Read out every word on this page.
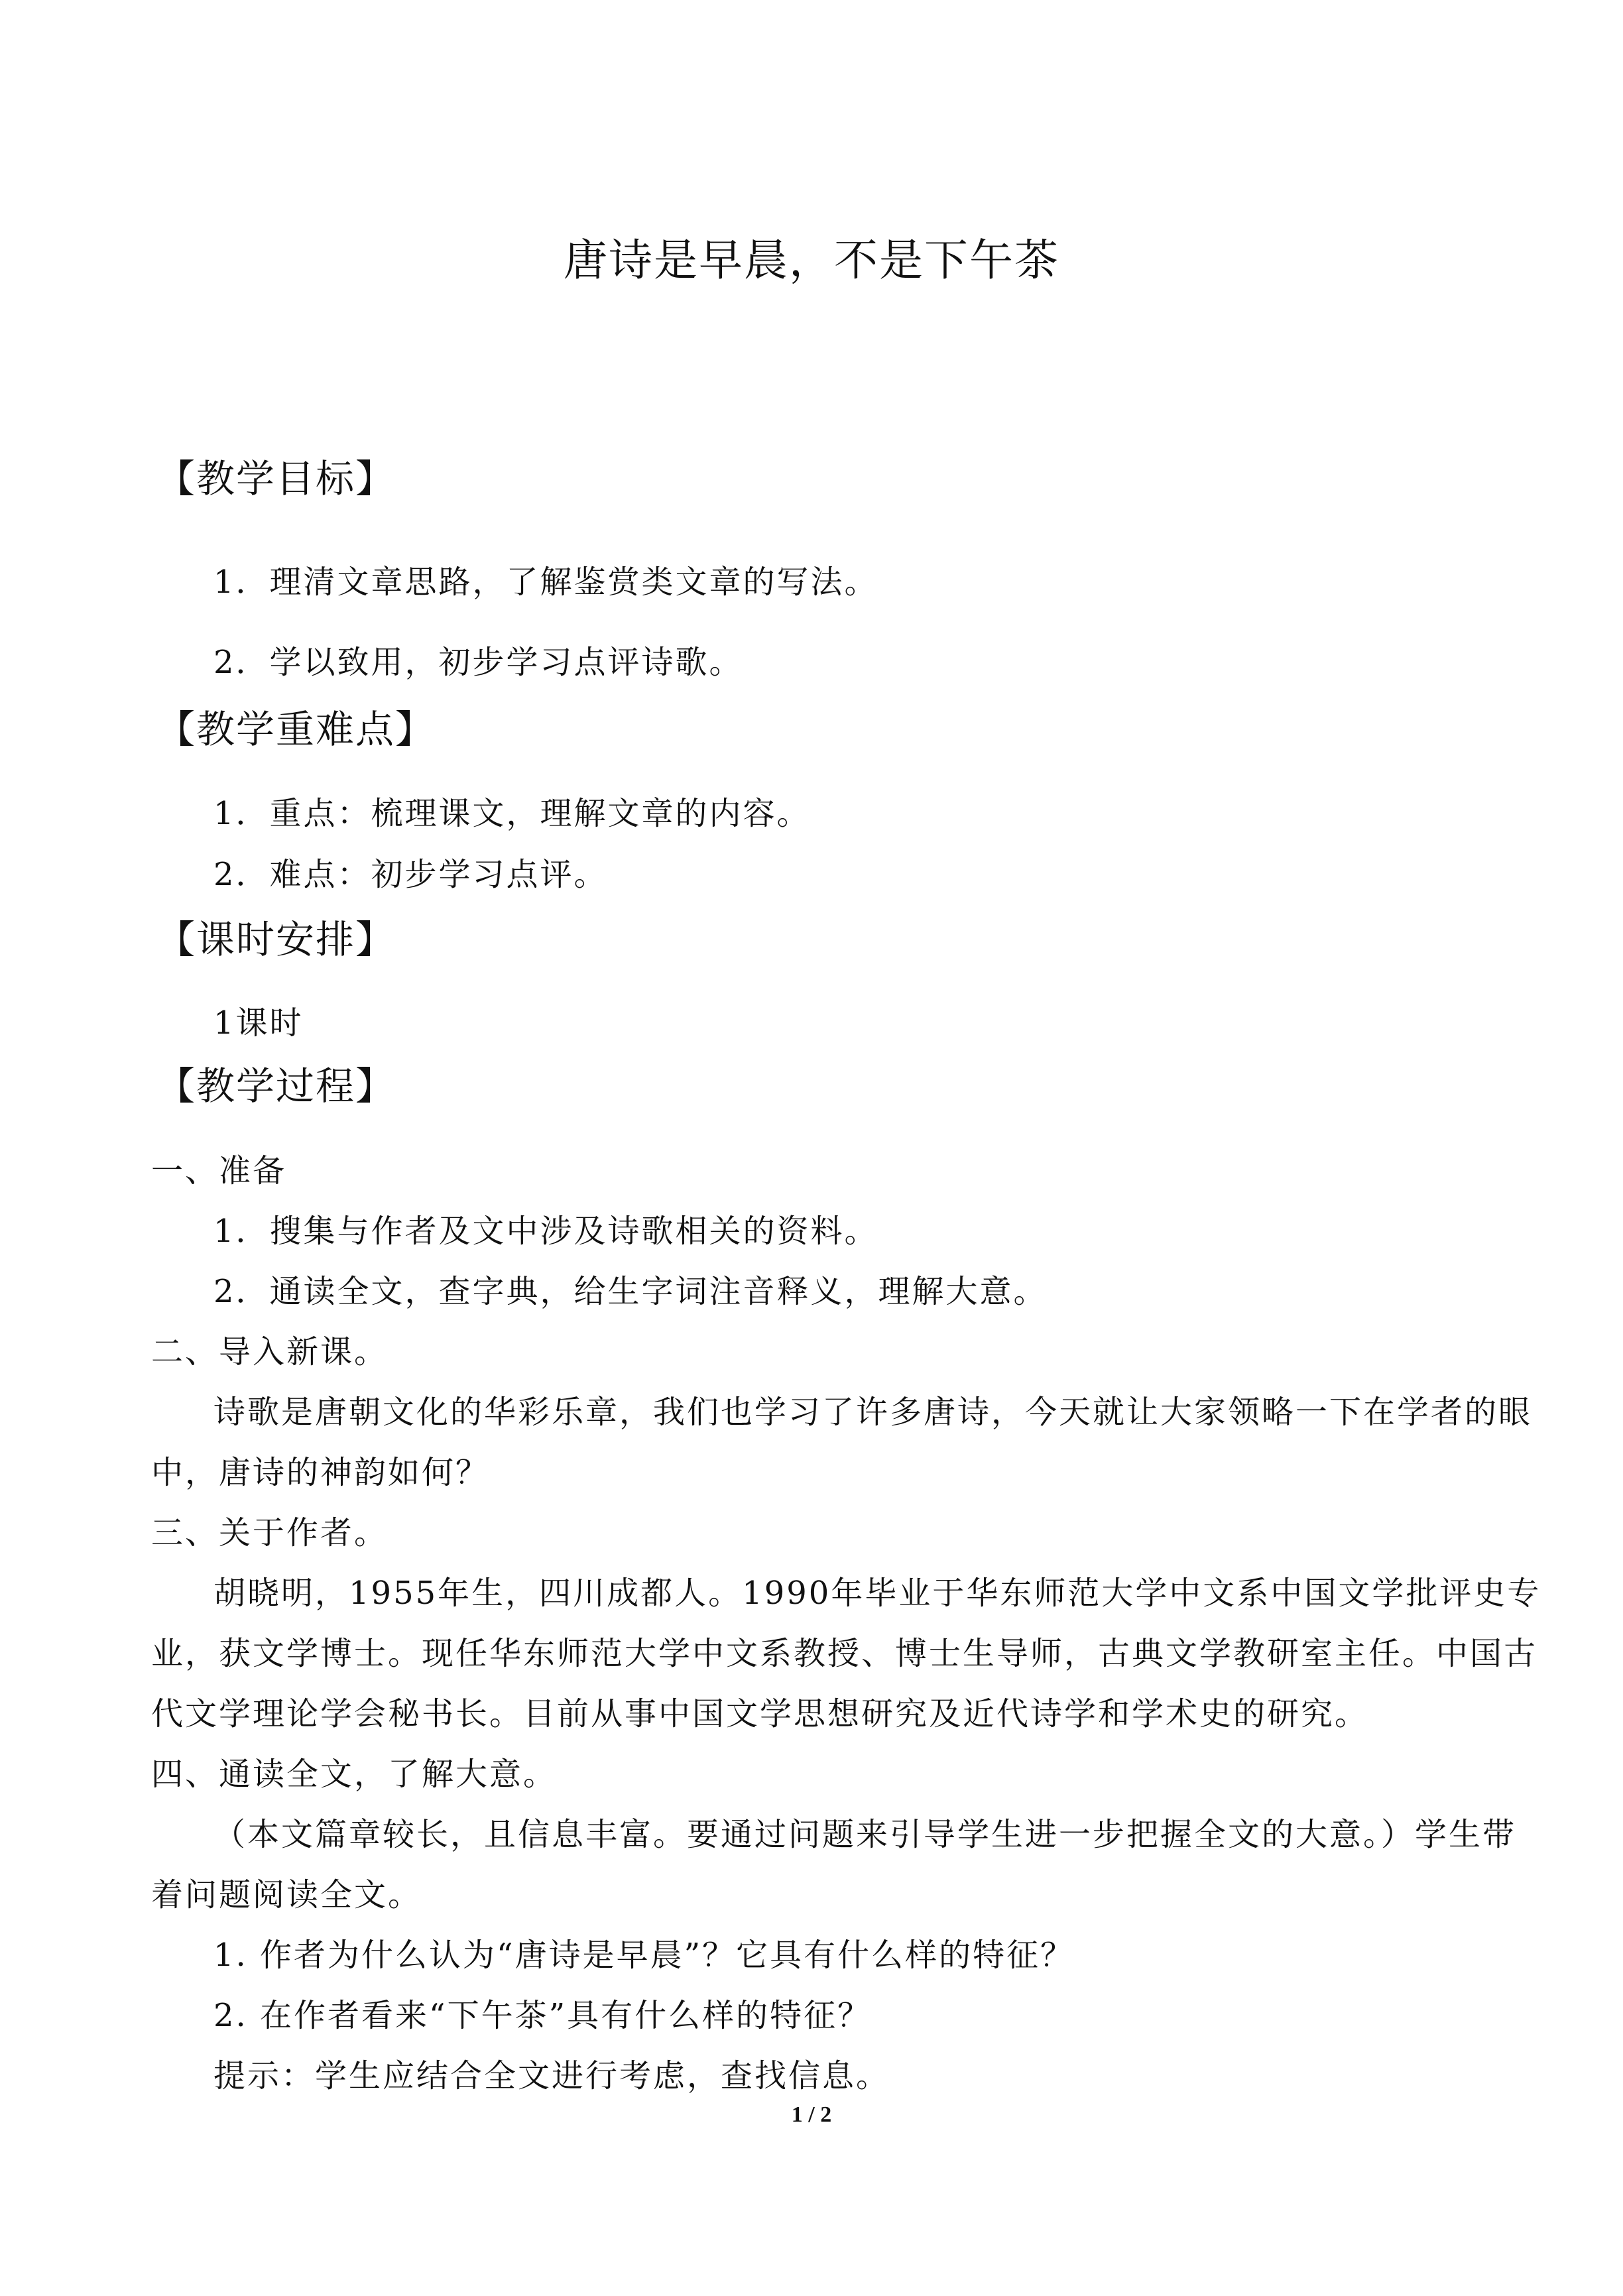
唐诗是早晨，不是下午茶
【教学目标】
1．理清文章思路，了解鉴赏类文章的写法。
2．学以致用，初步学习点评诗歌。
【教学重难点】
1．重点：梳理课文，理解文章的内容。
2．难点：初步学习点评。
【课时安排】
1课时
【教学过程】
一、准备
1．搜集与作者及文中涉及诗歌相关的资料。
2．通读全文，查字典，给生字词注音释义，理解大意。
二、导入新课。
诗歌是唐朝文化的华彩乐章，我们也学习了许多唐诗，今天就让大家领略一下在学者的眼
中，唐诗的神韵如何？
三、关于作者。
胡晓明，1955年生，四川成都人。1990年毕业于华东师范大学中文系中国文学批评史专
业，获文学博士。现任华东师范大学中文系教授、博士生导师，古典文学教研室主任。中国古
代文学理论学会秘书长。目前从事中国文学思想研究及近代诗学和学术史的研究。
四、通读全文，了解大意。
（本文篇章较长，且信息丰富。要通过问题来引导学生进一步把握全文的大意。）学生带
着问题阅读全文。
1. 作者为什么认为“唐诗是早晨”？它具有什么样的特征？
2. 在作者看来“下午茶”具有什么样的特征？
提示：学生应结合全文进行考虑，查找信息。
1 / 2
